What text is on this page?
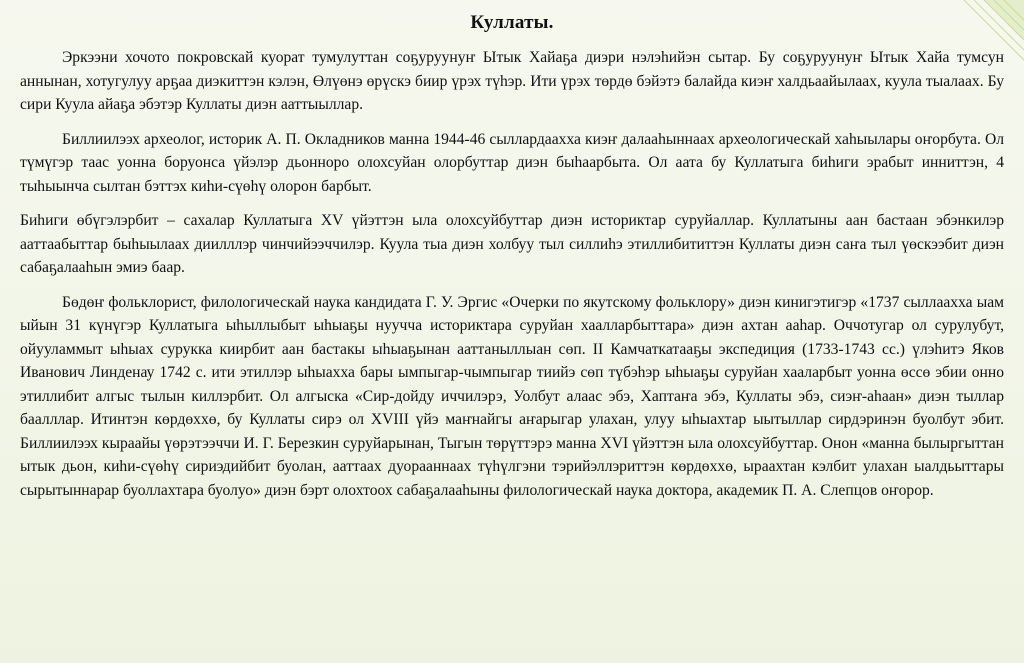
Куллаты.

Эркээни хочото покровскай куорат тумулуттан соҕуруунуҥ Ытык Хайаҕа диэри нэлэһийэн сытар. Бу соҕуруунуҥ Ытык Хайа тумсун аннынан, хотугулуу арҕаа диэкиттэн кэлэн, Өлүөнэ өрүскэ бииp үрэх түһэр. Ити үрэх төрдө бэйэтэ балайда киэҥ халдьаайылаах, куула тыалаах. Бу сири Куула айаҕа эбэтэр Куллаты диэн ааттыыллар.

Биллиилээх археолог, историк А. П. Окладников манна 1944-46 сыллардаахха киэҥ далааһыннаах археологическай хаһыылары оҥорбута. Ол түмүгэр таас уонна боруонса үйэлэр дьонноро олохсуйан олорбуттар диэн быһаарбыта. Ол аата бу Куллатыга биһиги эрабыт инниттэн, 4 тыһыынча сылтан бэттэх киһи-сүөһү олорон барбыт.

Биһиги өбүгэлэрбит – сахалар Куллатыга XV үйэттэн ыла олохсуйбуттар диэн историктар суруйаллар. Куллатыны аан бастаан эбэнкилэр ааттаабыттар быһыылаах диилллэр чинчийээччилэр. Куула тыа диэн холбуу тыл силлиһэ этиллибититтэн Куллаты диэн саҥа тыл үөскээбит диэн сабаҕалааһын эмиэ баар.

Бөдөҥ фольклорист, филологическай наука кандидата Г. У. Эргис «Очерки по якутскому фольклору» диэн кинигэтигэр «1737 сыллаахха ыам ыйын 31 күнүгэр Куллатыга ыһыллыбыт ыһыаҕы нууччa историктара суруйан хаалларбыттара» диэн ахтан ааһар. Оччотугар ол сурулубут, ойууламмыт ыһыах сурукка киирбит аан бастакы ыһыаҕынан ааттаныллыан сөп. II Камчаткатааҕы экспедиция (1733-1743 сс.) үлэһитэ Яков Иванович Линденау 1742 с. ити этиллэр ыһыахха бары ымпыгар-чымпыгар тиийэ сөп түбэһэр ыһыаҕы суруйан хааларбыт уонна өссө эбии онно этиллибит алгыс тылын киллэрбит. Ол алгыска «Сир-дойду иччилэрэ, Уолбут алаас эбэ, Хаптаҥа эбэ, Куллаты эбэ, сиэҥ-аһаан» диэн тыллар баалллар. Итинтэн көрдөххө, бу Куллаты сирэ ол XVIII үйэ маҥнайгы аҥарыгар улахан, улуу ыһыахтар ыытыллар сирдэринэн буолбут эбит. Биллиилээх кыраайы үөрэтээччи И. Г. Березкин суруйарынан, Тыгын төрүттэрэ манна XVI үйэттэн ыла олохсуйбуттар. Онон «манна былыргыттан ытык дьон, киһи-сүөһү сириэдийбит буолан, ааттаах дуорааннаах түһүлгэни тэрийэллэриттэн көрдөххө, ыраахтан кэлбит улахан ыалдьыттары сырытыннарар буоллахтара буолуо» диэн бэрт олохтоох сабаҕалааһыны филологическай наука доктора, академик П. А. Слепцов оҥорор.
